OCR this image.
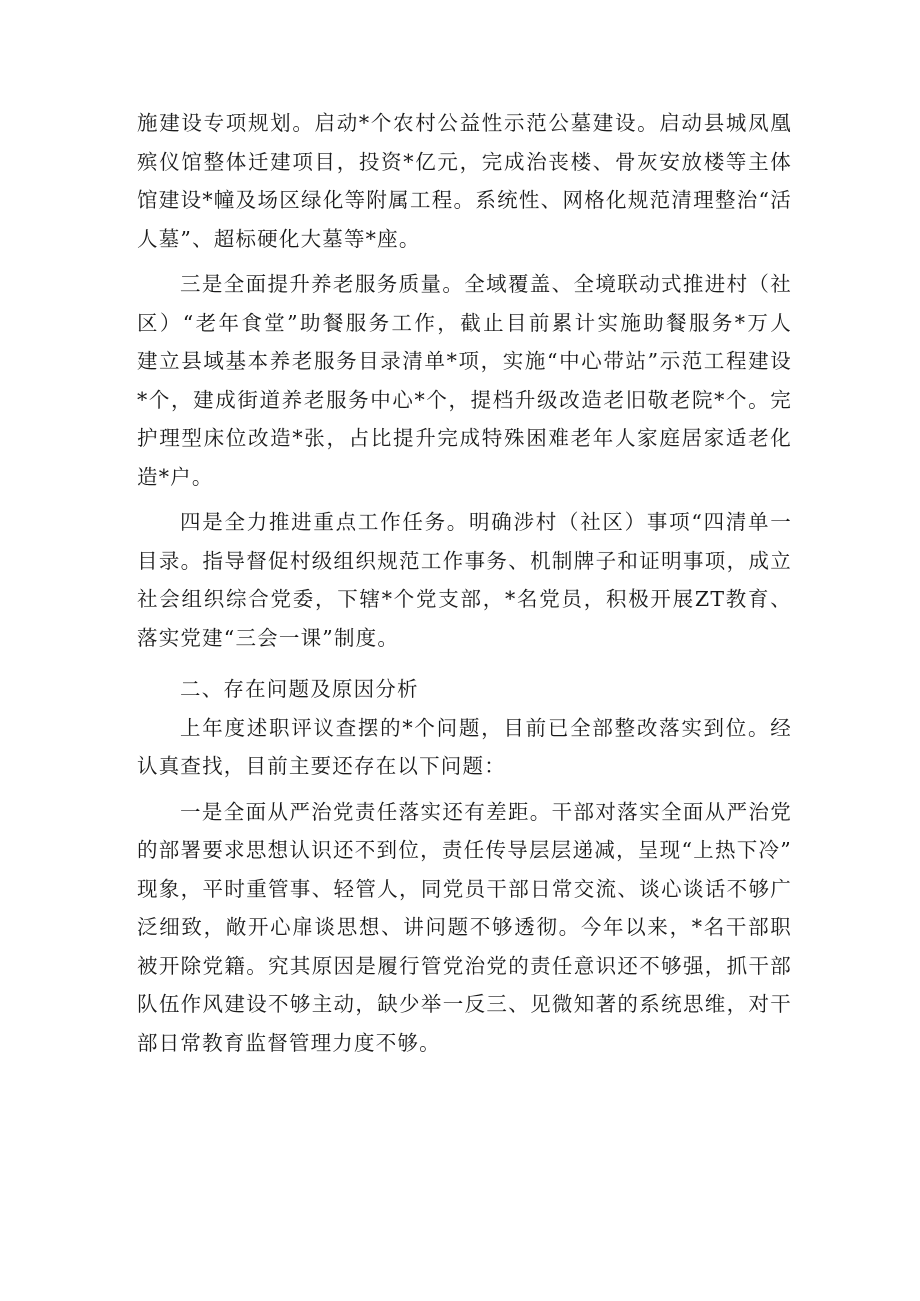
施建设专项规划。启动*个农村公益性示范公墓建设。启动县城凤凰
殡仪馆整体迁建项目，投资*亿元，完成治丧楼、骨灰安放楼等主体
馆建设*幢及场区绿化等附属工程。系统性、网格化规范清理整治“活
人墓”、超标硬化大墓等*座。
三是全面提升养老服务质量。全域覆盖、全境联动式推进村（社
区）“老年食堂”助餐服务工作，截止目前累计实施助餐服务*万人
建立县域基本养老服务目录清单*项，实施“中心带站”示范工程建设
*个，建成街道养老服务中心*个，提档升级改造老旧敬老院*个。完
护理型床位改造*张，占比提升完成特殊困难老年人家庭居家适老化
造*户。
四是全力推进重点工作任务。明确涉村（社区）事项“四清单一
目录。指导督促村级组织规范工作事务、机制牌子和证明事项，成立
社会组织综合党委，下辖*个党支部，*名党员，积极开展ZT教育、
落实党建“三会一课”制度。
二、存在问题及原因分析
上年度述职评议查摆的*个问题，目前已全部整改落实到位。经
认真查找，目前主要还存在以下问题：
一是全面从严治党责任落实还有差距。干部对落实全面从严治党
的部署要求思想认识还不到位，责任传导层层递减，呈现“上热下冷”
现象，平时重管事、轻管人，同党员干部日常交流、谈心谈话不够广
泛细致，敞开心扉谈思想、讲问题不够透彻。今年以来，*名干部职
被开除党籍。究其原因是履行管党治党的责任意识还不够强，抓干部
队伍作风建设不够主动，缺少举一反三、见微知著的系统思维，对干
部日常教育监督管理力度不够。
